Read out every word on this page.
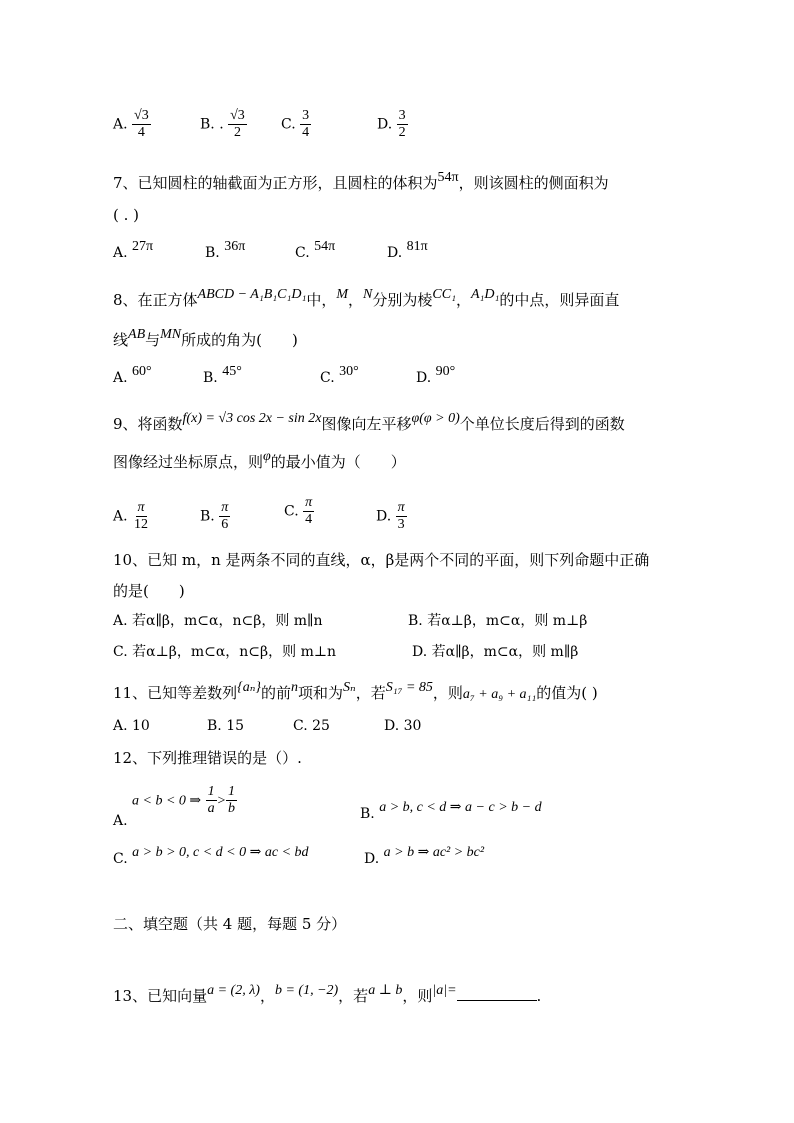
A. $\frac{√3}{4}$	B. . $\frac{√3}{2} C$. $\frac{3}{4}$	D. $\frac{3}{2}$
7、已知圆柱的轴截面为正方形，且圆柱的体积为54π，则该圆柱的侧面积为
( . )
A. 27π	B. 36π	C. 54π	D. 81π
8、在正方体ABCD − A₁B₁C₁D₁中，M，N分别为棱CC₁，A₁D₁的中点，则异面直
线AB与MN所成的角为(　　)
A. 60°	B. 45°	C. 30°	D. 90°
9、将函数f(x) = √3 cos 2x − sin 2x图像向左平移φ(φ > 0)个单位长度后得到的函数
图像经过坐标原点，则φ的最小值为（　　）
A. $\frac{\pi}{12}$	B. $\frac{\pi}{6}$	C. $\frac{\pi}{4}$	D. $\frac{\pi}{3}$
10、已知 m，n 是两条不同的直线，α，β是两个不同的平面，则下列命题中正确
的是(　　)
A. 若α∥β，m⊂α，n⊂β，则 m∥n	B. 若α⊥β，m⊂α，则 m⊥β
C. 若α⊥β，m⊂α，n⊂β，则 m⊥n	D. 若α∥β，m⊂α，则 m∥β
11、已知等差数列{aₙ}的前n项和为Sₙ，若S₁₇ = 85，则a₇ + a₉ + a₁₁的值为( )
A. 10	B. 15	C. 25	D. 30
12、下列推理错误的是（）.
A. a < b < 0 ⇒ $\frac{1}{a} > \frac{1}{b}$	B. a > b, c < d ⇒ a − c > b − d
C. a > b > 0, c < d < 0 ⇒ ac < bd	D. a > b ⇒ ac² > bc²
二、填空题（共 4 题，每题 5 分）
13、已知向量a = (2, λ)，b = (1, −2)，若a ⊥ b，则|a|=	.
